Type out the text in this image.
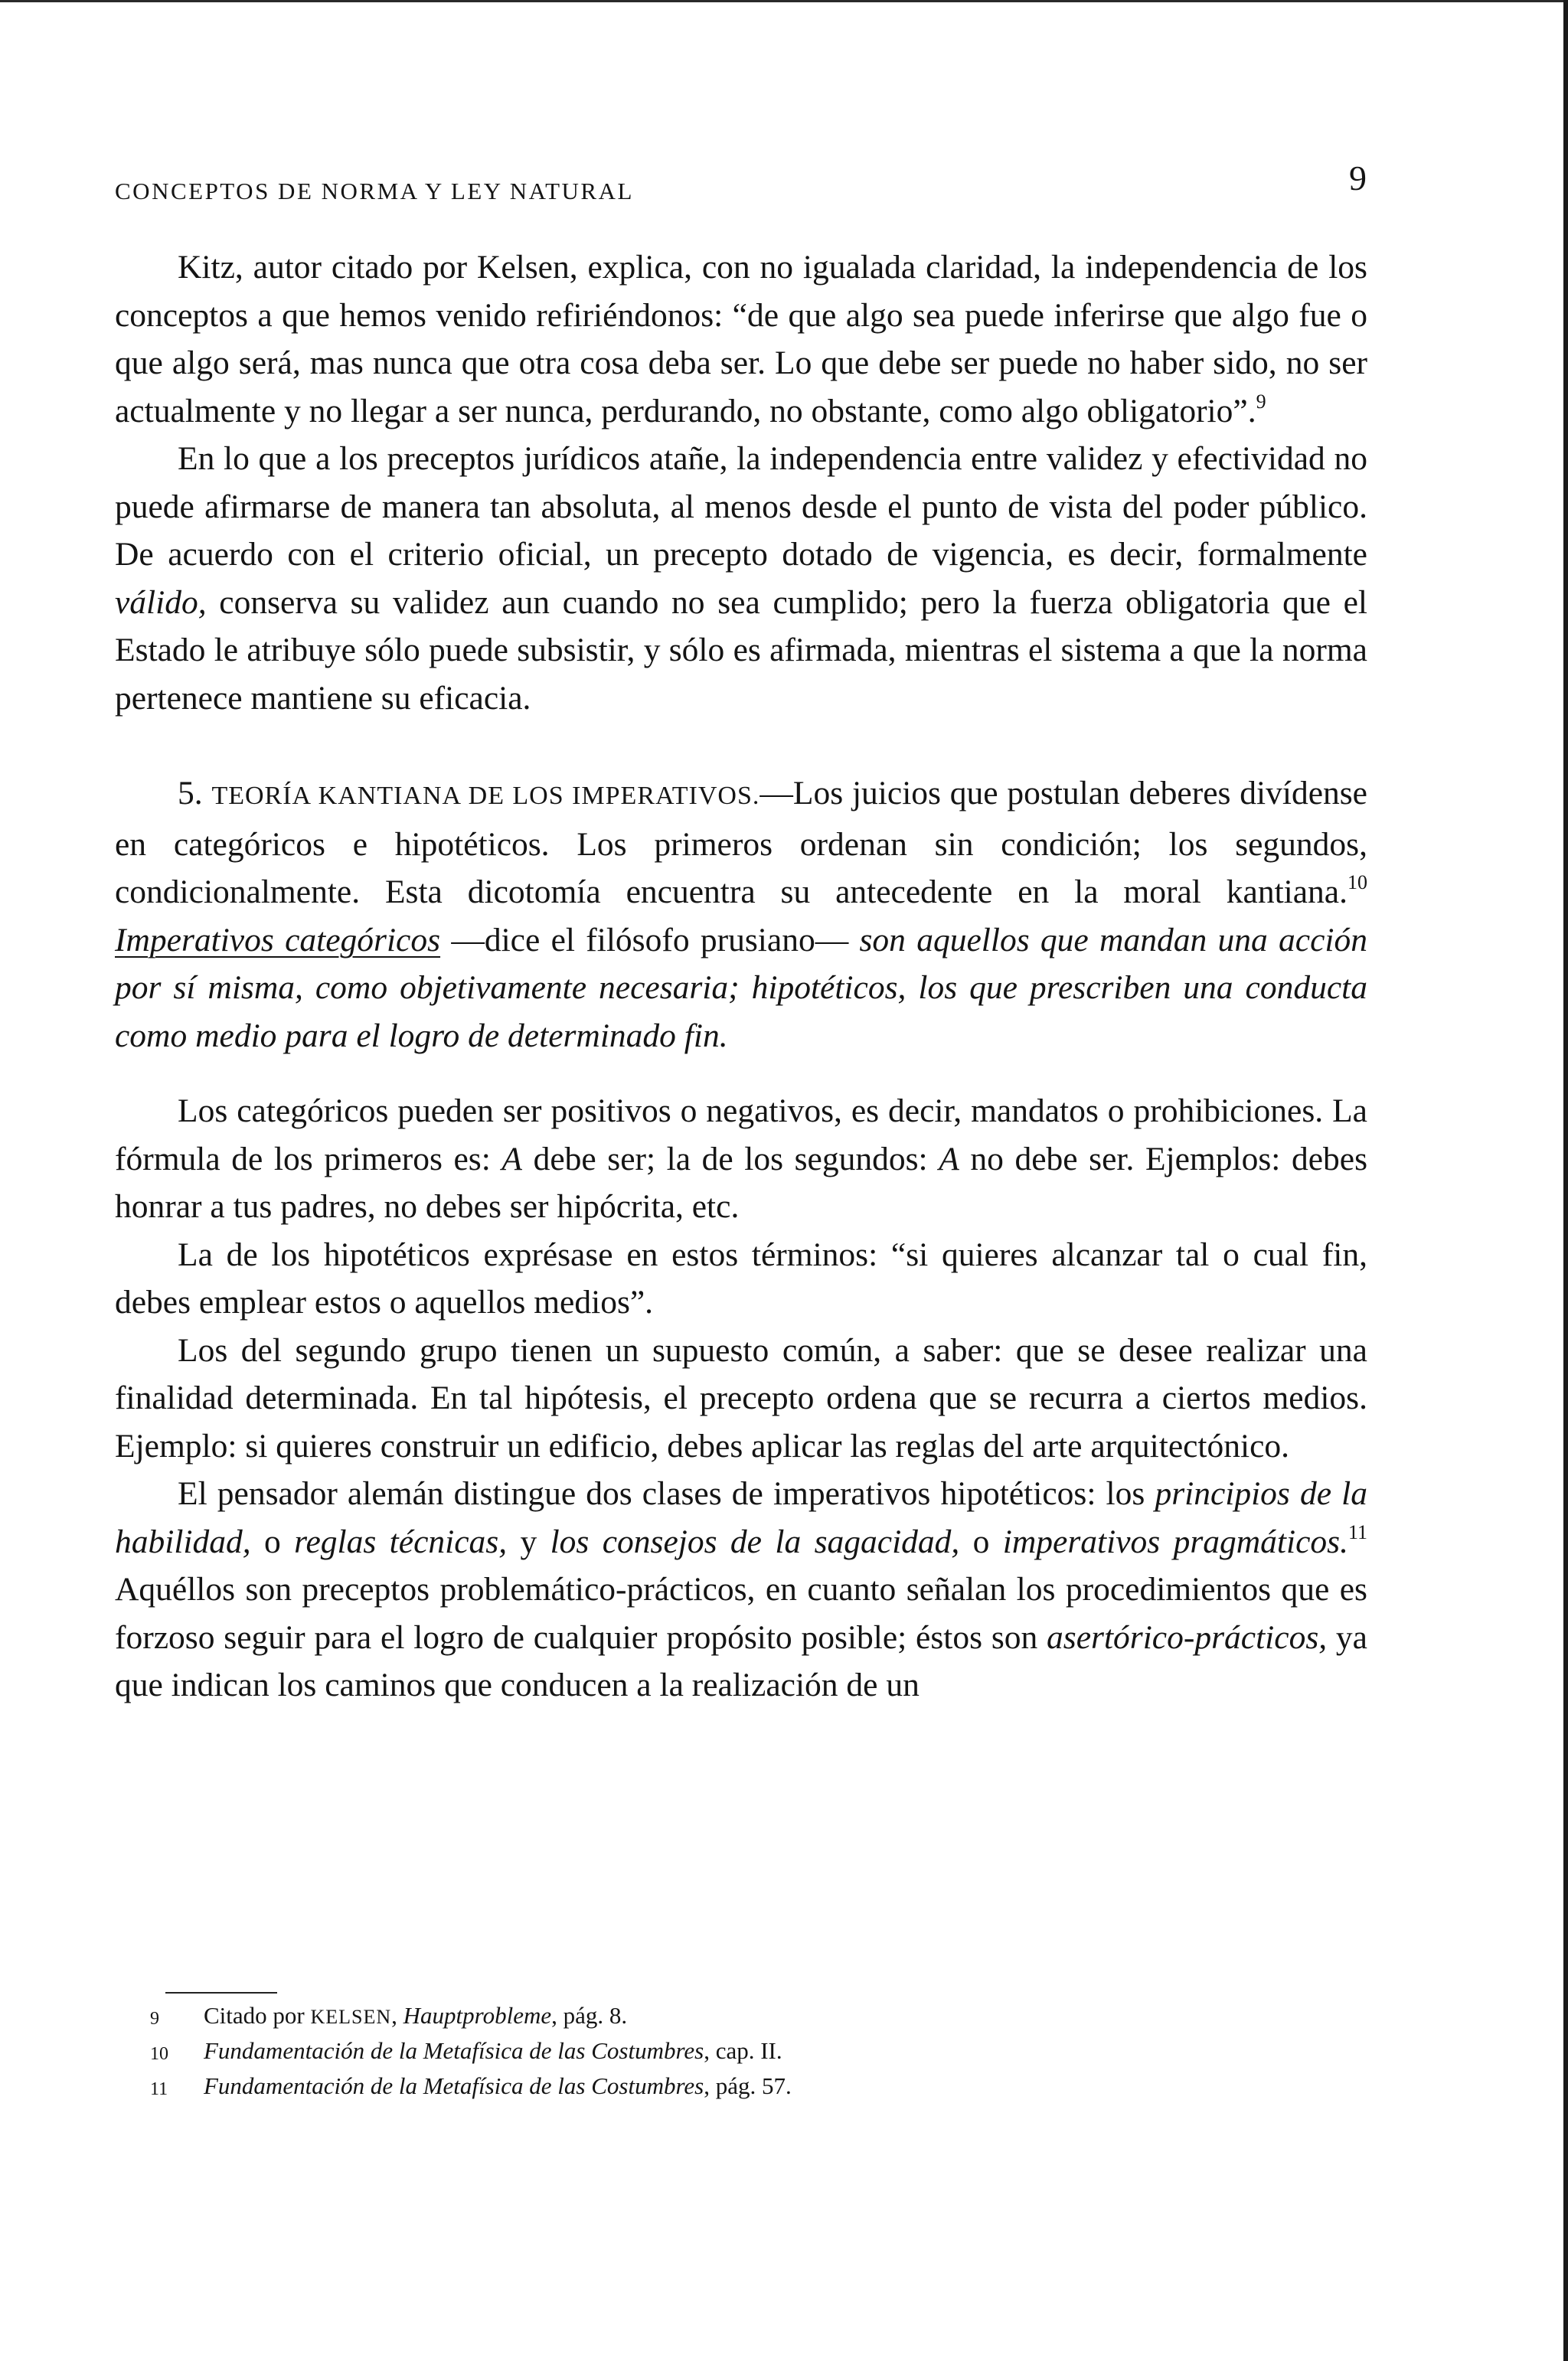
CONCEPTOS DE NORMA Y LEY NATURAL	9

Kitz, autor citado por Kelsen, explica, con no igualada claridad, la independencia de los conceptos a que hemos venido refiriéndonos: “de que algo sea puede inferirse que algo fue o que algo será, mas nunca que otra cosa deba ser. Lo que debe ser puede no haber sido, no ser actualmente y no llegar a ser nunca, perdurando, no obstante, como algo obligatorio”.$^9$

En lo que a los preceptos jurídicos atañe, la independencia entre validez y efectividad no puede afirmarse de manera tan absoluta, al menos desde el punto de vista del poder público. De acuerdo con el criterio oficial, un precepto dotado de vigencia, es decir, formalmente válido, conserva su validez aun cuando no sea cumplido; pero la fuerza obligatoria que el Estado le atribuye sólo puede subsistir, y sólo es afirmada, mientras el sistema a que la norma pertenece mantiene su eficacia.

5. TEORÍA KANTIANA DE LOS IMPERATIVOS.—Los juicios que postulan deberes divídense en categóricos e hipotéticos. Los primeros ordenan sin condición; los segundos, condicionalmente. Esta dicotomía encuentra su antecedente en la moral kantiana.$^{10}$ Imperativos categóricos —dice el filósofo prusiano— son aquellos que mandan una acción por sí misma, como objetivamente necesaria; hipotéticos, los que prescriben una conducta como medio para el logro de determinado fin.

Los categóricos pueden ser positivos o negativos, es decir, mandatos o prohibiciones. La fórmula de los primeros es: A debe ser; la de los segundos: A no debe ser. Ejemplos: debes honrar a tus padres, no debes ser hipócrita, etc.

La de los hipotéticos exprésase en estos términos: “si quieres alcanzar tal o cual fin, debes emplear estos o aquellos medios”.

Los del segundo grupo tienen un supuesto común, a saber: que se desee realizar una finalidad determinada. En tal hipótesis, el precepto ordena que se recurra a ciertos medios. Ejemplo: si quieres construir un edificio, debes aplicar las reglas del arte arquitectónico.

El pensador alemán distingue dos clases de imperativos hipotéticos: los principios de la habilidad, o reglas técnicas, y los consejos de la sagacidad, o imperativos pragmáticos.$^{11}$ Aquéllos son preceptos problemático-prácticos, en cuanto señalan los procedimientos que es forzoso seguir para el logro de cualquier propósito posible; éstos son asertórico-prácticos, ya que indican los caminos que conducen a la realización de un

9	Citado por KELSEN, Hauptprobleme, pág. 8.
10	Fundamentación de la Metafísica de las Costumbres, cap. II.
11	Fundamentación de la Metafísica de las Costumbres, pág. 57.
